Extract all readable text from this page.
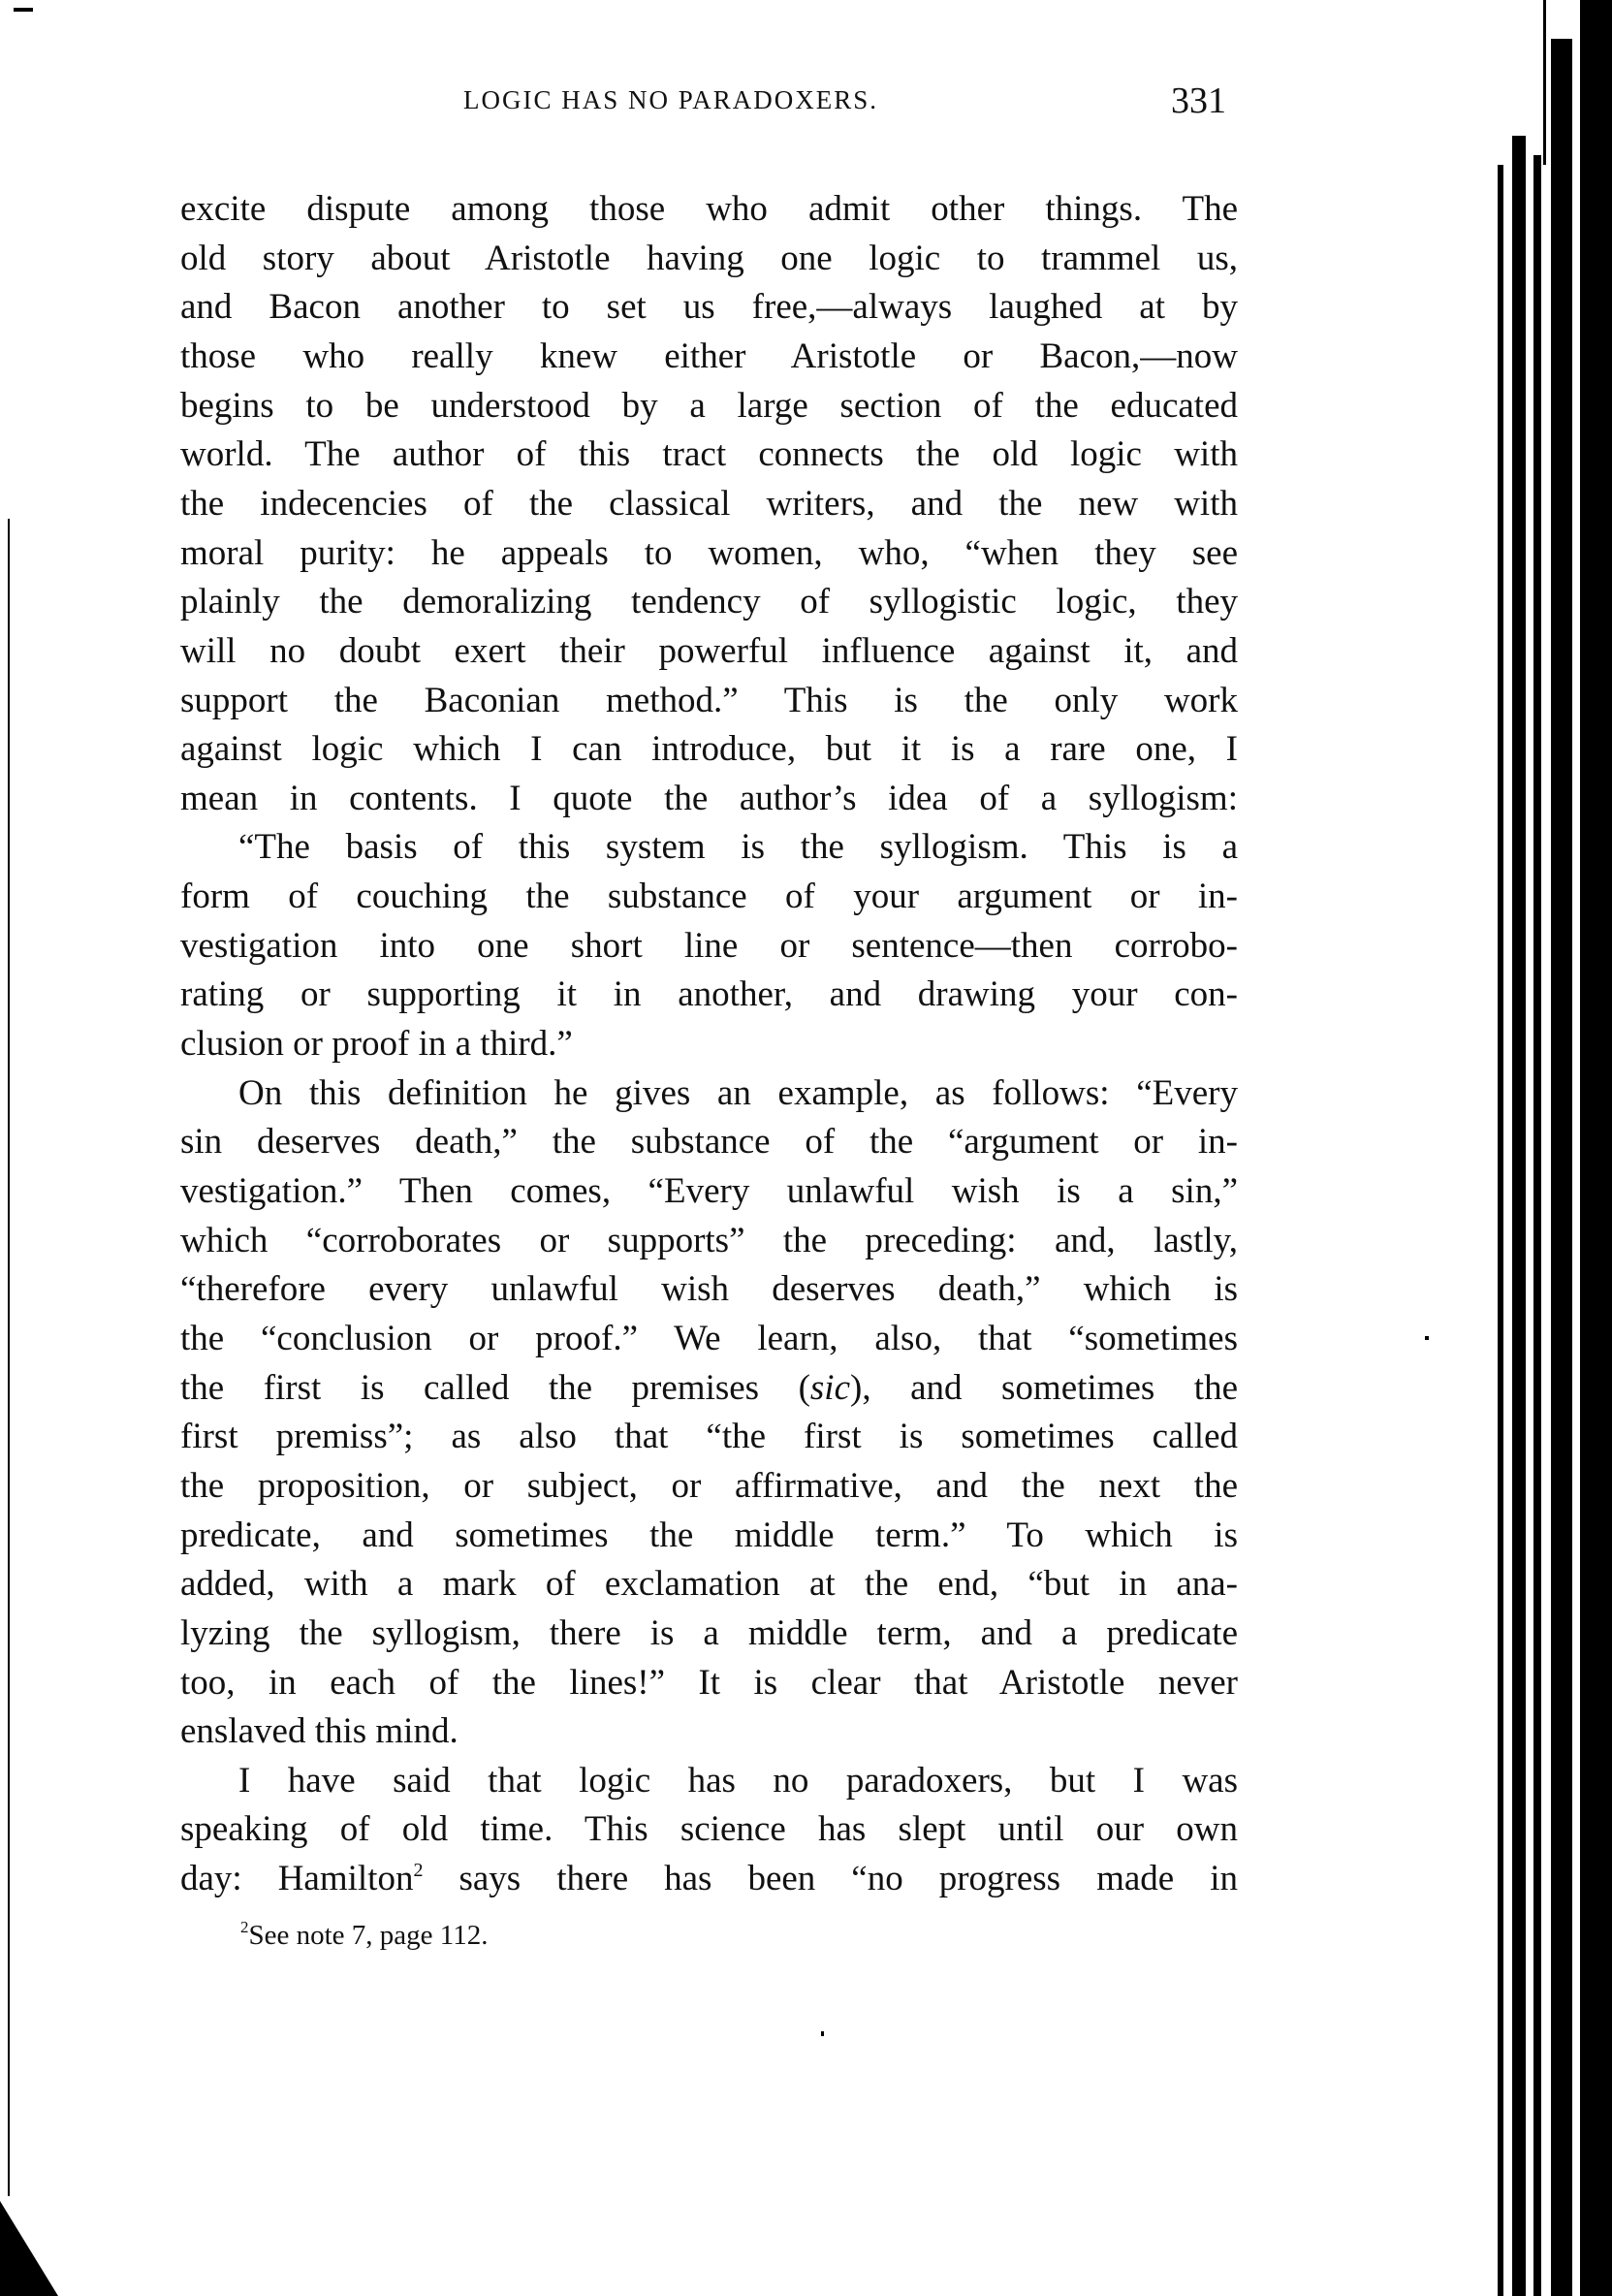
LOGIC HAS NO PARADOXERS.	331
excite dispute among those who admit other things. The
old story about Aristotle having one logic to trammel us,
and Bacon another to set us free,—always laughed at by
those who really knew either Aristotle or Bacon,—now
begins to be understood by a large section of the educated
world. The author of this tract connects the old logic with
the indecencies of the classical writers, and the new with
moral purity: he appeals to women, who, “when they see
plainly the demoralizing tendency of syllogistic logic, they
will no doubt exert their powerful influence against it, and
support the Baconian method.” This is the only work
against logic which I can introduce, but it is a rare one, I
mean in contents. I quote the author’s idea of a syllogism:
“The basis of this system is the syllogism. This is a
form of couching the substance of your argument or in-
vestigation into one short line or sentence—then corrobo-
rating or supporting it in another, and drawing your con-
clusion or proof in a third.”
On this definition he gives an example, as follows: “Every
sin deserves death,” the substance of the “argument or in-
vestigation.” Then comes, “Every unlawful wish is a sin,”
which “corroborates or supports” the preceding: and, lastly,
“therefore every unlawful wish deserves death,” which is
the “conclusion or proof.” We learn, also, that “sometimes
the first is called the premises (sic), and sometimes the
first premiss”; as also that “the first is sometimes called
the proposition, or subject, or affirmative, and the next the
predicate, and sometimes the middle term.” To which is
added, with a mark of exclamation at the end, “but in ana-
lyzing the syllogism, there is a middle term, and a predicate
too, in each of the lines!” It is clear that Aristotle never
enslaved this mind.
I have said that logic has no paradoxers, but I was
speaking of old time. This science has slept until our own
day: Hamilton$^2$ says there has been “no progress made in
$^2$See note 7, page 112.
